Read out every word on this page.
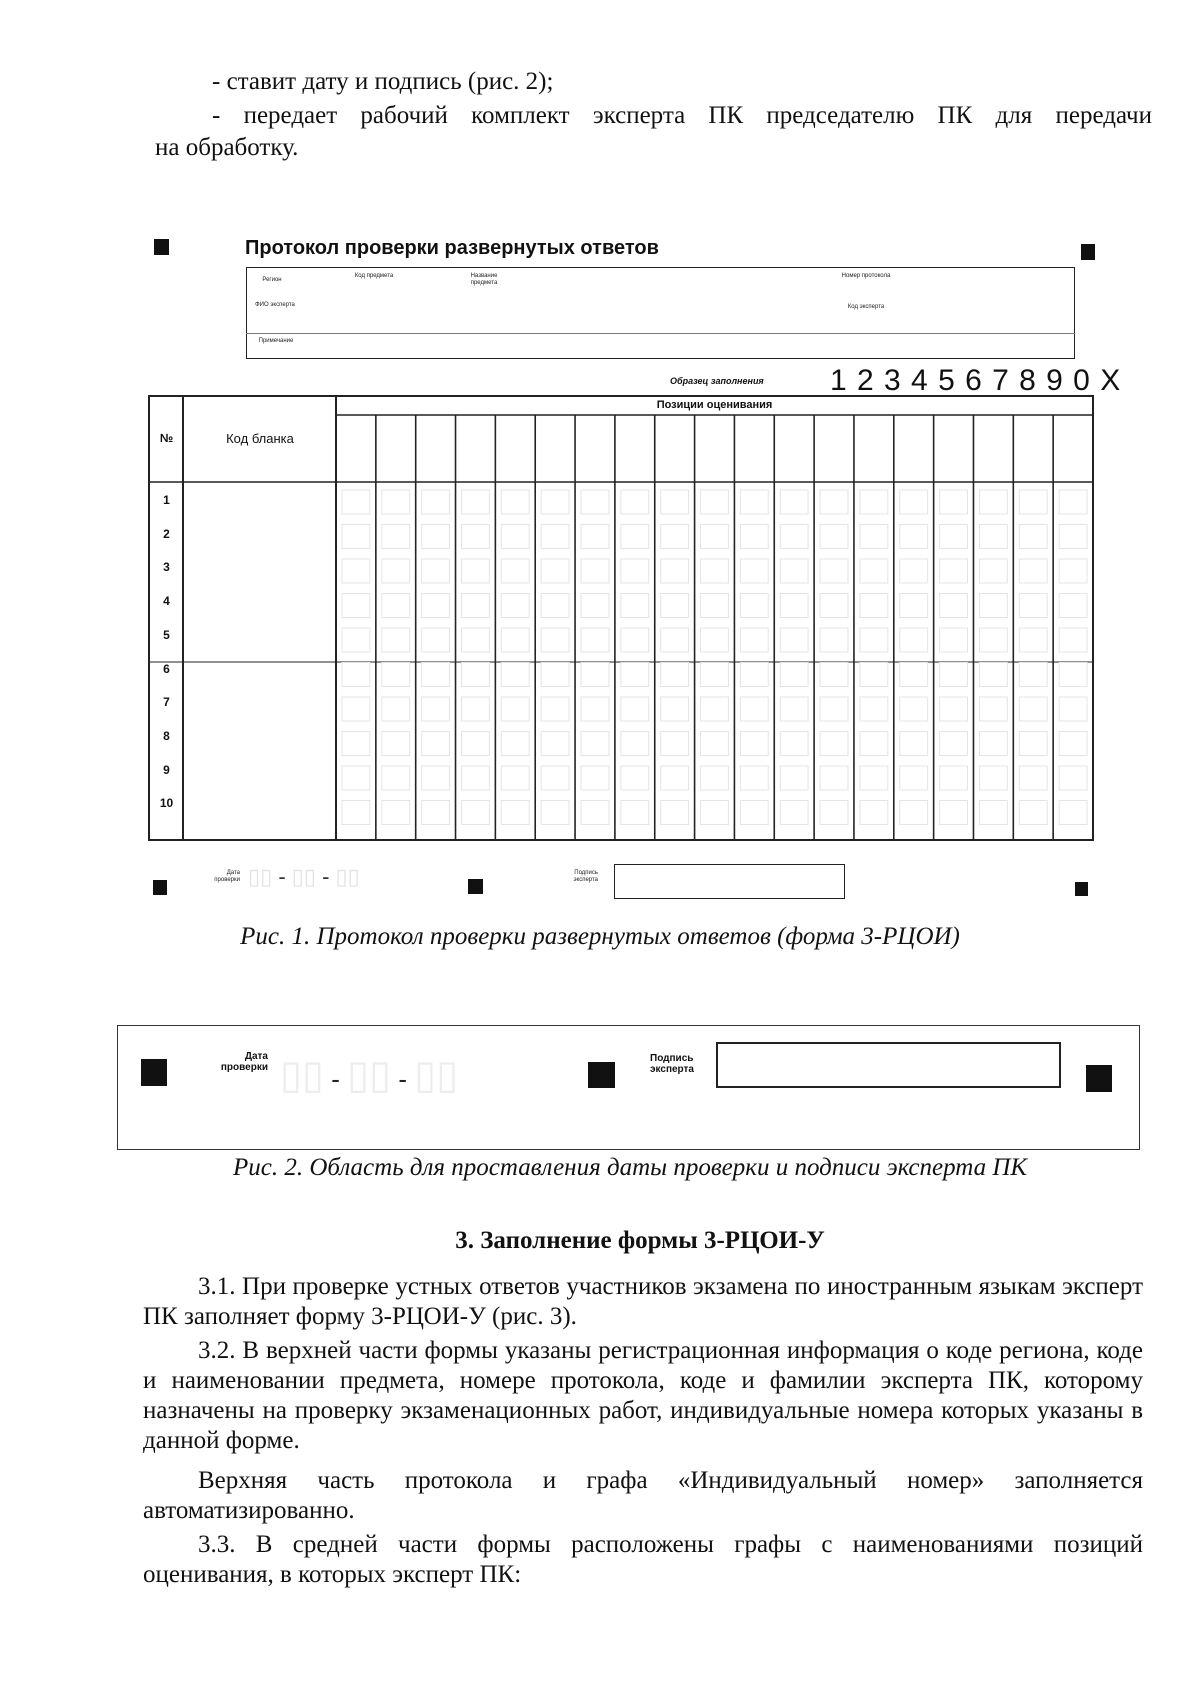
- ставит дату и подпись (рис. 2);

- передает рабочий комплект эксперта ПК председателю ПК для передачи

на обработку.

Протокол проверки развернутых ответов
Регион
Код предмета	Название предмета
Номер протокола
ФИО эксперта	Код эксперта
Примечание
Образец заполнения 1 2 3 4 5 6 7 8 9 0 X
№	Код бланка
Позиции оценивания
1
2
3
4
5
6
7
8
9
10
Дата проверки ▯▯ - ▯▯ - ▯▯	Подпись эксперта
Рис. 1. Протокол проверки развернутых ответов (форма 3-РЦОИ)
Дата проверки ▯▯ - ▯▯ - ▯▯	Подпись эксперта
Рис. 2. Область для проставления даты проверки и подписи эксперта ПК
3. Заполнение формы 3-РЦОИ-У

3.1. При проверке устных ответов участников экзамена по иностранным языкам эксперт ПК заполняет форму 3-РЦОИ-У (рис. 3).

3.2. В верхней части формы указаны регистрационная информация о коде региона, коде и наименовании предмета, номере протокола, коде и фамилии эксперта ПК, которому назначены на проверку экзаменационных работ, индивидуальные номера которых указаны в данной форме.

Верхняя часть протокола и графа «Индивидуальный номер» заполняется автоматизированно.

3.3. В средней части формы расположены графы с наименованиями позиций оценивания, в которых эксперт ПК:
